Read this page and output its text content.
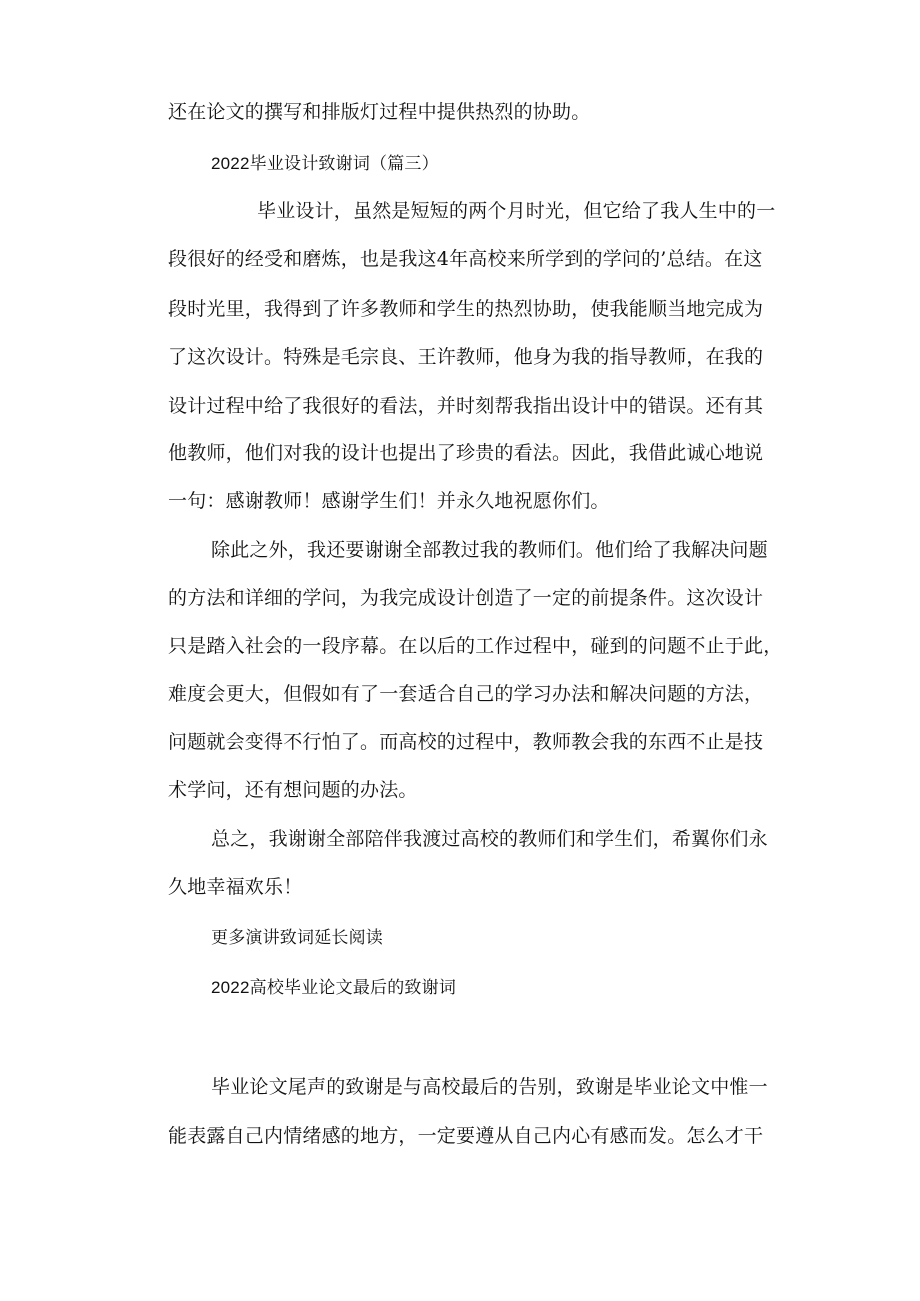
还在论文的撰写和排版灯过程中提供热烈的协助。
2022毕业设计致谢词（篇三）
毕业设计，虽然是短短的两个月时光，但它给了我人生中的一
段很好的经受和磨炼，也是我这4年高校来所学到的学问的’总结。在这
段时光里，我得到了许多教师和学生的热烈协助，使我能顺当地完成为
了这次设计。特殊是毛宗良、王许教师，他身为我的指导教师，在我的
设计过程中给了我很好的看法，并时刻帮我指出设计中的错误。还有其
他教师，他们对我的设计也提出了珍贵的看法。因此，我借此诚心地说
一句：感谢教师！感谢学生们！并永久地祝愿你们。
除此之外，我还要谢谢全部教过我的教师们。他们给了我解决问题
的方法和详细的学问，为我完成设计创造了一定的前提条件。这次设计
只是踏入社会的一段序幕。在以后的工作过程中，碰到的问题不止于此，
难度会更大，但假如有了一套适合自己的学习办法和解决问题的方法，
问题就会变得不行怕了。而高校的过程中，教师教会我的东西不止是技
术学问，还有想问题的办法。
总之，我谢谢全部陪伴我渡过高校的教师们和学生们，希翼你们永
久地幸福欢乐！
更多演讲致词延长阅读
2022高校毕业论文最后的致谢词
毕业论文尾声的致谢是与高校最后的告别，致谢是毕业论文中惟一
能表露自己内情绪感的地方，一定要遵从自己内心有感而发。怎么才干
